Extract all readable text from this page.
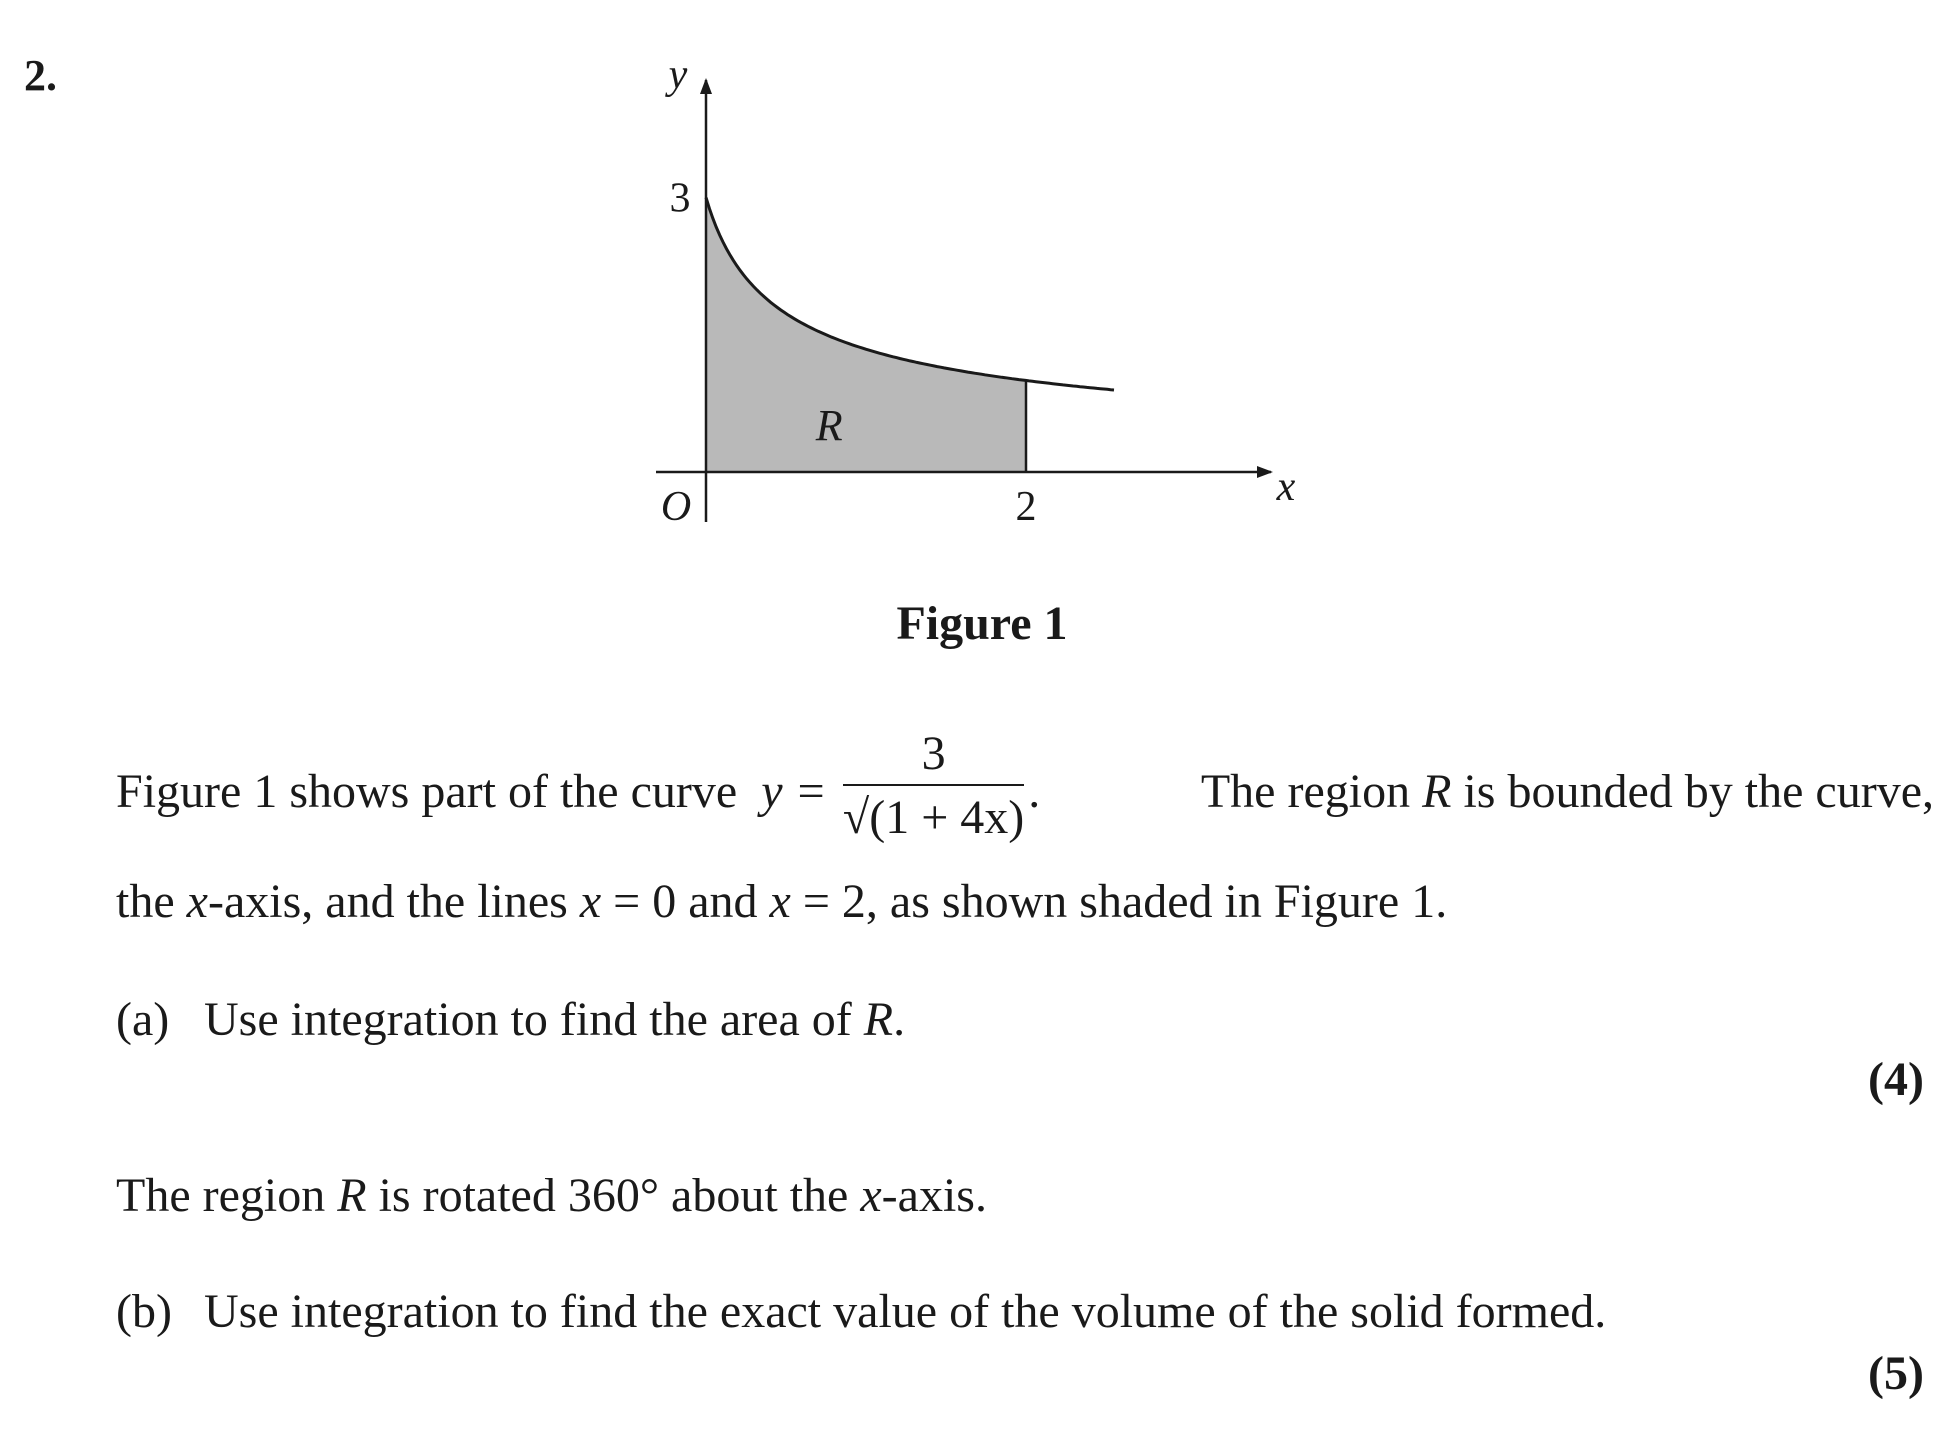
2.	y
x
O
3
2
R
Figure 1
Figure 1 shows part of the curve y =
$\frac{3}{√(1 + 4x)}$
.	The region R is bounded by the curve,
the x-axis, and the lines x = 0 and x = 2, as shown shaded in Figure 1.
(a) Use integration to find the area of R.
(4)
The region R is rotated 360° about the x-axis.
(b) Use integration to find the exact value of the volume of the solid formed.
(5)
